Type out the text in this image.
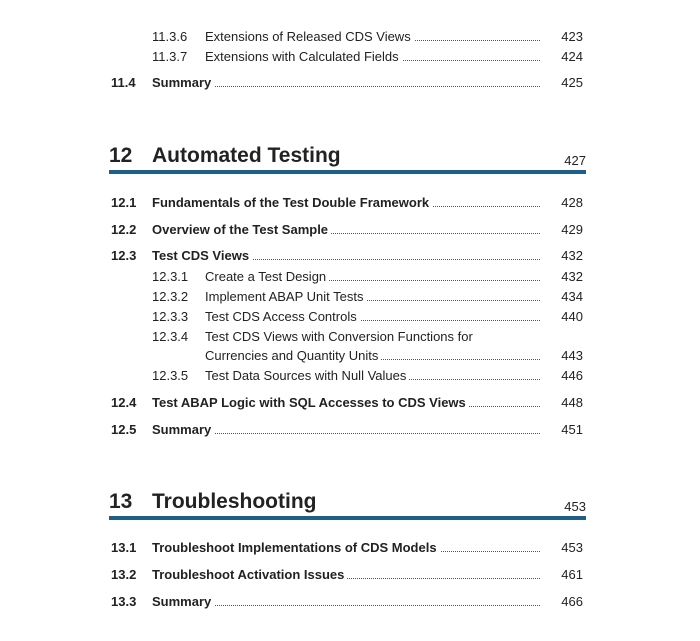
11.3.6 Extensions of Released CDS Views	423
11.3.7 Extensions with Calculated Fields	424
11.4 Summary	425
12 Automated Testing	427
12.1 Fundamentals of the Test Double Framework	428
12.2 Overview of the Test Sample	429
12.3 Test CDS Views	432
12.3.1 Create a Test Design	432
12.3.2 Implement ABAP Unit Tests	434
12.3.3 Test CDS Access Controls	440
12.3.4 Test CDS Views with Conversion Functions for
Currencies and Quantity Units	443
12.3.5 Test Data Sources with Null Values	446
12.4 Test ABAP Logic with SQL Accesses to CDS Views	448
12.5 Summary	451
13 Troubleshooting	453
13.1 Troubleshoot Implementations of CDS Models	453
13.2 Troubleshoot Activation Issues	461
13.3 Summary	466
